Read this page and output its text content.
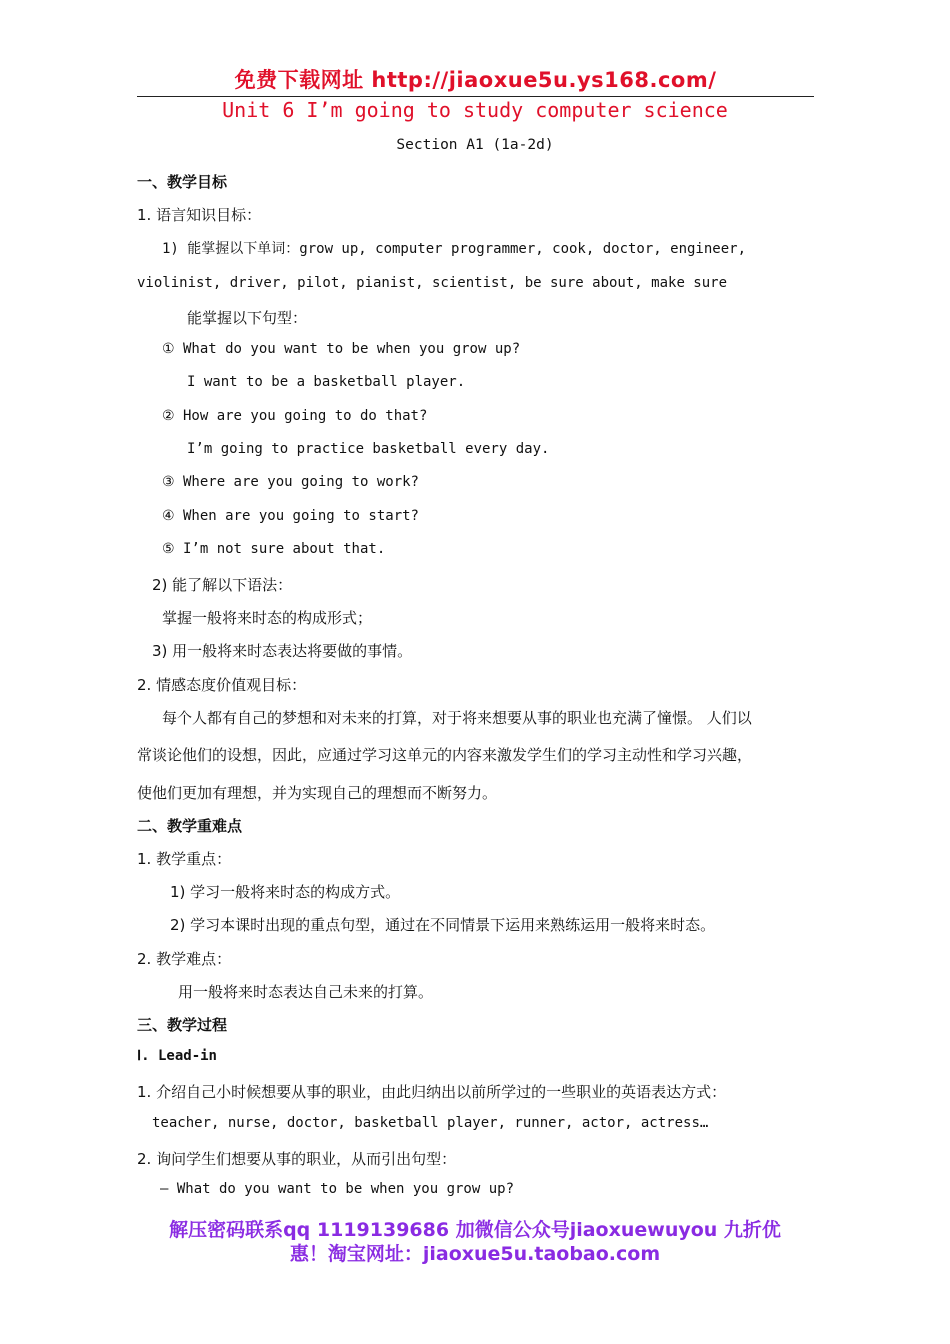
免费下载网址 http://jiaoxue5u.ys168.com/
Unit 6 I’m going to study computer science
Section A1 (1a-2d)
一、教学目标
1. 语言知识目标：
1) 能掌握以下单词：grow up, computer programmer, cook, doctor, engineer,
violinist, driver, pilot, pianist, scientist, be sure about, make sure
能掌握以下句型：
① What do you want to be when you grow up?
I want to be a basketball player.
② How are you going to do that?
I’m going to practice basketball every day.
③ Where are you going to work?
④ When are you going to start?
⑤ I’m not sure about that.
2) 能了解以下语法：
掌握一般将来时态的构成形式；
3) 用一般将来时态表达将要做的事情。
2. 情感态度价值观目标：
每个人都有自己的梦想和对未来的打算，对于将来想要从事的职业也充满了憧憬。 人们以
常谈论他们的设想，因此，应通过学习这单元的内容来激发学生们的学习主动性和学习兴趣，
使他们更加有理想，并为实现自己的理想而不断努力。
二、教学重难点
1. 教学重点：
1) 学习一般将来时态的构成方式。
2) 学习本课时出现的重点句型，通过在不同情景下运用来熟练运用一般将来时态。
2. 教学难点：
用一般将来时态表达自己未来的打算。
三、教学过程
Ⅰ. Lead-in
1. 介绍自己小时候想要从事的职业，由此归纳出以前所学过的一些职业的英语表达方式：
teacher, nurse, doctor, basketball player, runner, actor, actress…
2. 询问学生们想要从事的职业，从而引出句型：
— What do you want to be when you grow up?
解压密码联系qq 1119139686 加微信公众号jiaoxuewuyou 九折优
惠！淘宝网址：jiaoxue5u.taobao.com
